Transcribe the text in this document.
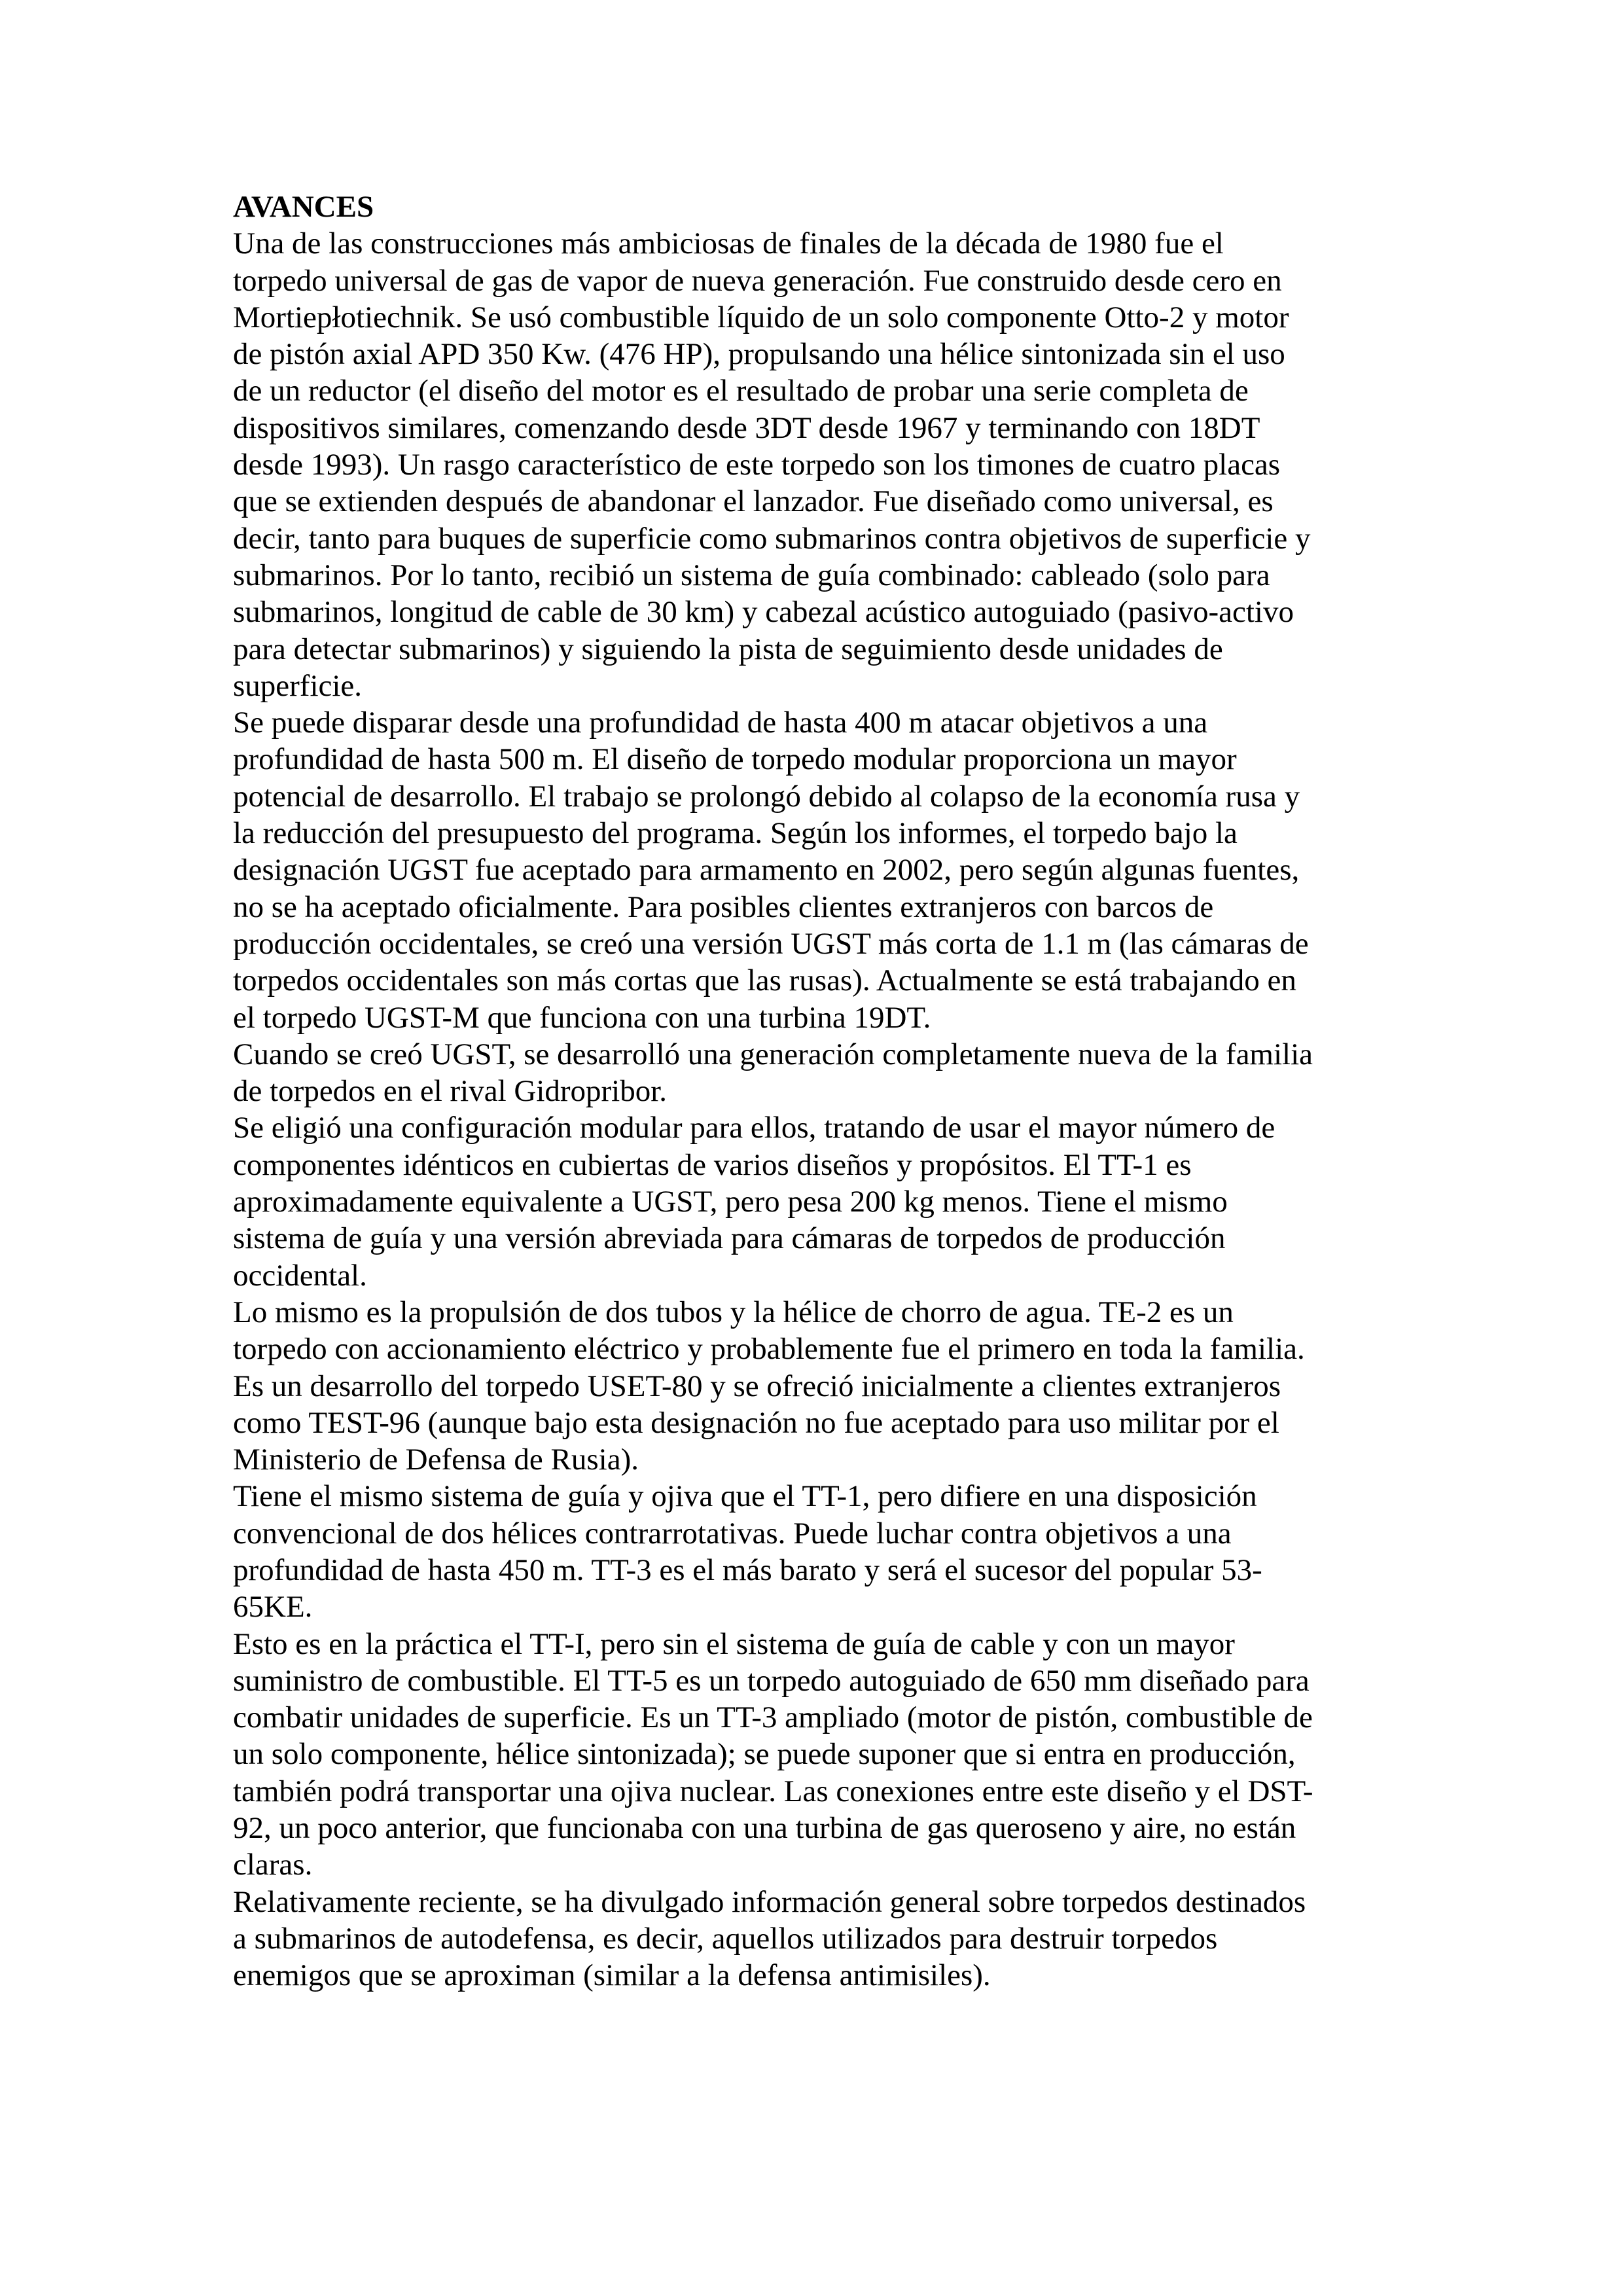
AVANCES

Una de las construcciones más ambiciosas de finales de la década de 1980 fue el
torpedo universal de gas de vapor de nueva generación. Fue construido desde cero en
Mortiepłotiechnik. Se usó combustible líquido de un solo componente Otto-2 y motor
de pistón axial APD 350 Kw. (476 HP), propulsando una hélice sintonizada sin el uso
de un reductor (el diseño del motor es el resultado de probar una serie completa de
dispositivos similares, comenzando desde 3DT desde 1967 y terminando con 18DT
desde 1993). Un rasgo característico de este torpedo son los timones de cuatro placas
que se extienden después de abandonar el lanzador. Fue diseñado como universal, es
decir, tanto para buques de superficie como submarinos contra objetivos de superficie y
submarinos. Por lo tanto, recibió un sistema de guía combinado: cableado (solo para
submarinos, longitud de cable de 30 km) y cabezal acústico autoguiado (pasivo-activo
para detectar submarinos) y siguiendo la pista de seguimiento desde unidades de
superficie.

Se puede disparar desde una profundidad de hasta 400 m atacar objetivos a una
profundidad de hasta 500 m. El diseño de torpedo modular proporciona un mayor
potencial de desarrollo. El trabajo se prolongó debido al colapso de la economía rusa y
la reducción del presupuesto del programa. Según los informes, el torpedo bajo la
designación UGST fue aceptado para armamento en 2002, pero según algunas fuentes,
no se ha aceptado oficialmente. Para posibles clientes extranjeros con barcos de
producción occidentales, se creó una versión UGST más corta de 1.1 m (las cámaras de
torpedos occidentales son más cortas que las rusas). Actualmente se está trabajando en
el torpedo UGST-M que funciona con una turbina 19DT.

Cuando se creó UGST, se desarrolló una generación completamente nueva de la familia
de torpedos en el rival Gidropribor.

Se eligió una configuración modular para ellos, tratando de usar el mayor número de
componentes idénticos en cubiertas de varios diseños y propósitos. El TT-1 es
aproximadamente equivalente a UGST, pero pesa 200 kg menos. Tiene el mismo
sistema de guía y una versión abreviada para cámaras de torpedos de producción
occidental.

Lo mismo es la propulsión de dos tubos y la hélice de chorro de agua. TE-2 es un
torpedo con accionamiento eléctrico y probablemente fue el primero en toda la familia.
Es un desarrollo del torpedo USET-80 y se ofreció inicialmente a clientes extranjeros
como TEST-96 (aunque bajo esta designación no fue aceptado para uso militar por el
Ministerio de Defensa de Rusia).

Tiene el mismo sistema de guía y ojiva que el TT-1, pero difiere en una disposición
convencional de dos hélices contrarrotativas. Puede luchar contra objetivos a una
profundidad de hasta 450 m. TT-3 es el más barato y será el sucesor del popular 53-
65KE.

Esto es en la práctica el TT-I, pero sin el sistema de guía de cable y con un mayor
suministro de combustible. El TT-5 es un torpedo autoguiado de 650 mm diseñado para
combatir unidades de superficie. Es un TT-3 ampliado (motor de pistón, combustible de
un solo componente, hélice sintonizada); se puede suponer que si entra en producción,
también podrá transportar una ojiva nuclear. Las conexiones entre este diseño y el DST-
92, un poco anterior, que funcionaba con una turbina de gas queroseno y aire, no están
claras.

Relativamente reciente, se ha divulgado información general sobre torpedos destinados
a submarinos de autodefensa, es decir, aquellos utilizados para destruir torpedos
enemigos que se aproximan (similar a la defensa antimisiles).
